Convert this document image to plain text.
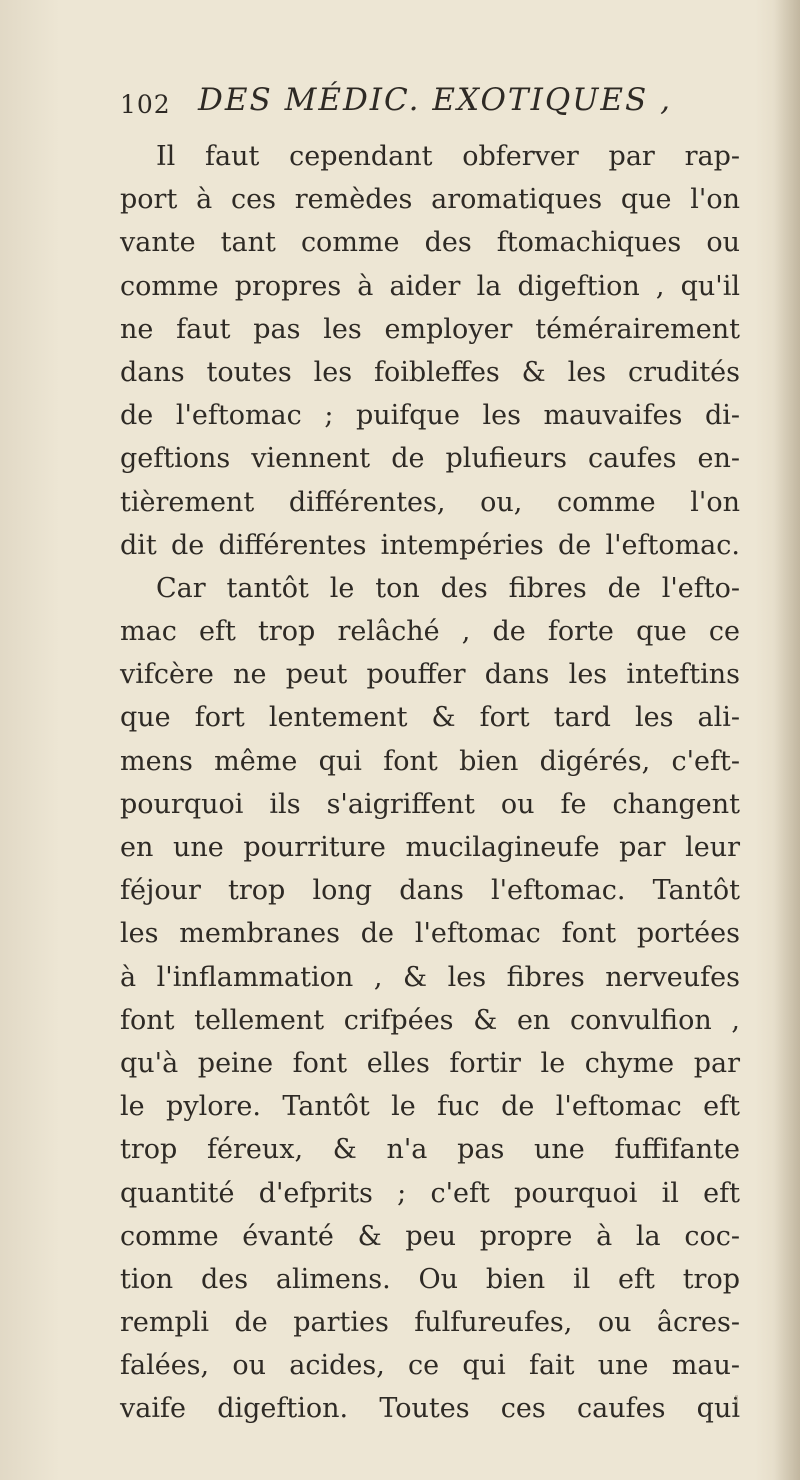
102 DES MÉDIC. EXOTIQUES ,
Il faut cependant obferver par rap-
port à ces remèdes aromatiques que l'on
vante tant comme des ftomachiques ou
comme propres à aider la digeftion , qu'il
ne faut pas les employer témérairement
dans toutes les foibleffes & les crudités
de l'eftomac ; puifque les mauvaifes di-
geftions viennent de plufieurs caufes en-
tièrement différentes, ou, comme l'on
dit de différentes intempéries de l'eftomac.
Car tantôt le ton des fibres de l'efto-
mac eft trop relâché , de forte que ce
vifcère ne peut pouffer dans les inteftins
que fort lentement & fort tard les ali-
mens même qui font bien digérés, c'eft-
pourquoi ils s'aigriffent ou fe changent
en une pourriture mucilagineufe par leur
féjour trop long dans l'eftomac. Tantôt
les membranes de l'eftomac font portées
à l'inflammation , & les fibres nerveufes
font tellement crifpées & en convulfion ,
qu'à peine font elles fortir le chyme par
le pylore. Tantôt le fuc de l'eftomac eft
trop féreux, & n'a pas une fuffifante
quantité d'efprits ; c'eft pourquoi il eft
comme évanté & peu propre à la coc-
tion des alimens. Ou bien il eft trop
rempli de parties fulfureufes, ou âcres-
falées, ou acides, ce qui fait une mau-
vaife digeftion. Toutes ces caufes qui
